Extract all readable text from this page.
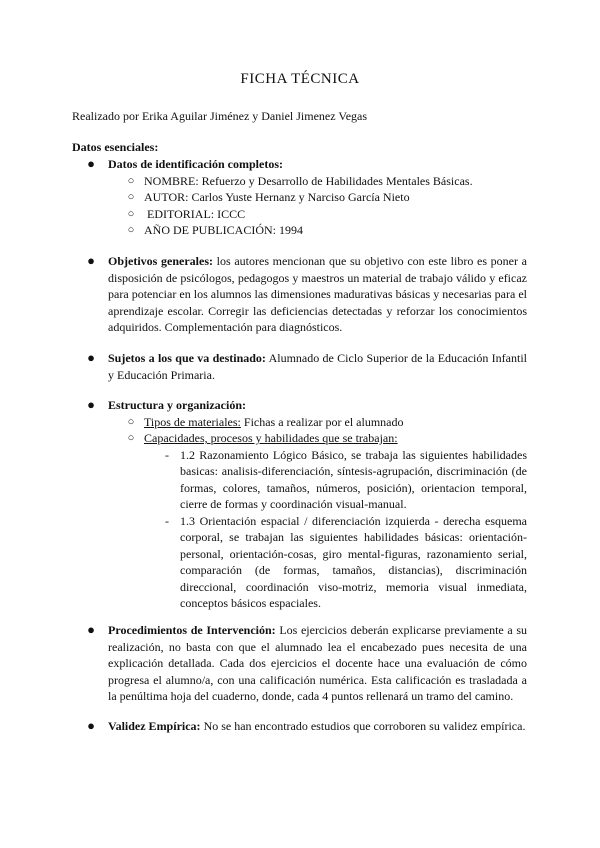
FICHA TÉCNICA

Realizado por Erika Aguilar Jiménez y Daniel Jimenez Vegas

Datos esenciales:

● Datos de identificación completos:

○ NOMBRE: Refuerzo y Desarrollo de Habilidades Mentales Básicas.

○ AUTOR: Carlos Yuste Hernanz y Narciso García Nieto

○ EDITORIAL: ICCC

○ AÑO DE PUBLICACIÓN: 1994

● Objetivos generales: los autores mencionan que su objetivo con este libro es poner a disposición de psicólogos, pedagogos y maestros un material de trabajo válido y eficaz para potenciar en los alumnos las dimensiones madurativas básicas y necesarias para el aprendizaje escolar. Corregir las deficiencias detectadas y reforzar los conocimientos adquiridos. Complementación para diagnósticos.

● Sujetos a los que va destinado: Alumnado de Ciclo Superior de la Educación Infantil y Educación Primaria.

● Estructura y organización:

○ Tipos de materiales: Fichas a realizar por el alumnado

○ Capacidades, procesos y habilidades que se trabajan:

- 1.2 Razonamiento Lógico Básico, se trabaja las siguientes habilidades basicas: analisis-diferenciación, síntesis-agrupación, discriminación (de formas, colores, tamaños, números, posición), orientacion temporal, cierre de formas y coordinación visual-manual.

- 1.3 Orientación espacial / diferenciación izquierda - derecha esquema corporal, se trabajan las siguientes habilidades básicas: orientación-personal, orientación-cosas, giro mental-figuras, razonamiento serial, comparación (de formas, tamaños, distancias), discriminación direccional, coordinación viso-motriz, memoria visual inmediata, conceptos básicos espaciales.

● Procedimientos de Intervención: Los ejercicios deberán explicarse previamente a su realización, no basta con que el alumnado lea el encabezado pues necesita de una explicación detallada. Cada dos ejercicios el docente hace una evaluación de cómo progresa el alumno/a, con una calificación numérica. Esta calificación es trasladada a la penúltima hoja del cuaderno, donde, cada 4 puntos rellenará un tramo del camino.

● Validez Empírica: No se han encontrado estudios que corroboren su validez empírica.
